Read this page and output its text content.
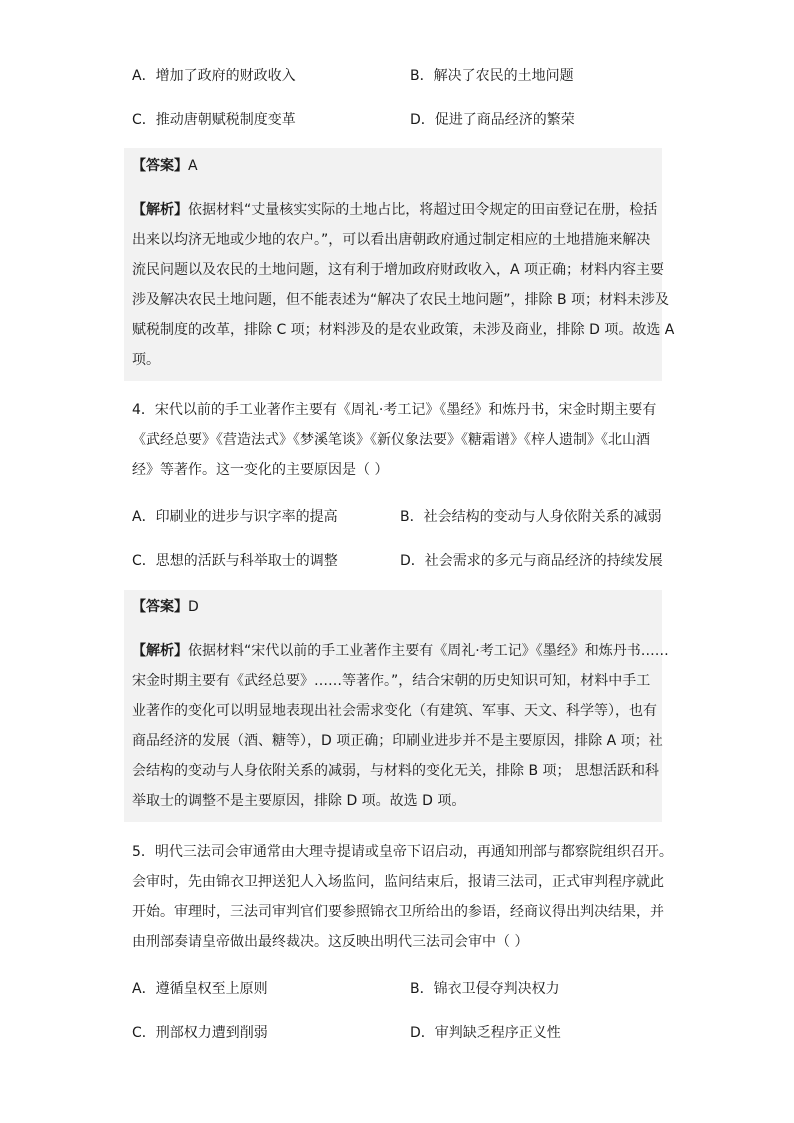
A．增加了政府的财政收入	B．解决了农民的土地问题
C．推动唐朝赋税制度变革	D．促进了商品经济的繁荣
【答案】A
【解析】依据材料“丈量核实实际的土地占比，将超过田令规定的田亩登记在册，检括
出来以均济无地或少地的农户。”，可以看出唐朝政府通过制定相应的土地措施来解决
流民问题以及农民的土地问题，这有利于增加政府财政收入，A 项正确；材料内容主要
涉及解决农民土地问题，但不能表述为“解决了农民土地问题”，排除 B 项；材料未涉及
赋税制度的改革，排除 C 项；材料涉及的是农业政策，未涉及商业，排除 D 项。故选 A
项。
4．宋代以前的手工业著作主要有《周礼·考工记》《墨经》和炼丹书，宋金时期主要有
《武经总要》《营造法式》《梦溪笔谈》《新仪象法要》《糖霜谱》《梓人遗制》《北山酒
经》等著作。这一变化的主要原因是（ ）
A．印刷业的进步与识字率的提高	B．社会结构的变动与人身依附关系的减弱
C．思想的活跃与科举取士的调整	D．社会需求的多元与商品经济的持续发展
【答案】D
【解析】依据材料“宋代以前的手工业著作主要有《周礼·考工记》《墨经》和炼丹书……
宋金时期主要有《武经总要》……等著作。”，结合宋朝的历史知识可知，材料中手工
业著作的变化可以明显地表现出社会需求变化（有建筑、军事、天文、科学等），也有
商品经济的发展（酒、糖等），D 项正确；印刷业进步并不是主要原因，排除 A 项；社
会结构的变动与人身依附关系的减弱，与材料的变化无关，排除 B 项； 思想活跃和科
举取士的调整不是主要原因，排除 D 项。故选 D 项。
5．明代三法司会审通常由大理寺提请或皇帝下诏启动，再通知刑部与都察院组织召开。
会审时，先由锦衣卫押送犯人入场监问，监问结束后，报请三法司，正式审判程序就此
开始。审理时，三法司审判官们要参照锦衣卫所给出的参语，经商议得出判决结果，并
由刑部奏请皇帝做出最终裁决。这反映出明代三法司会审中（ ）
A．遵循皇权至上原则	B．锦衣卫侵夺判决权力
C．刑部权力遭到削弱	D．审判缺乏程序正义性
